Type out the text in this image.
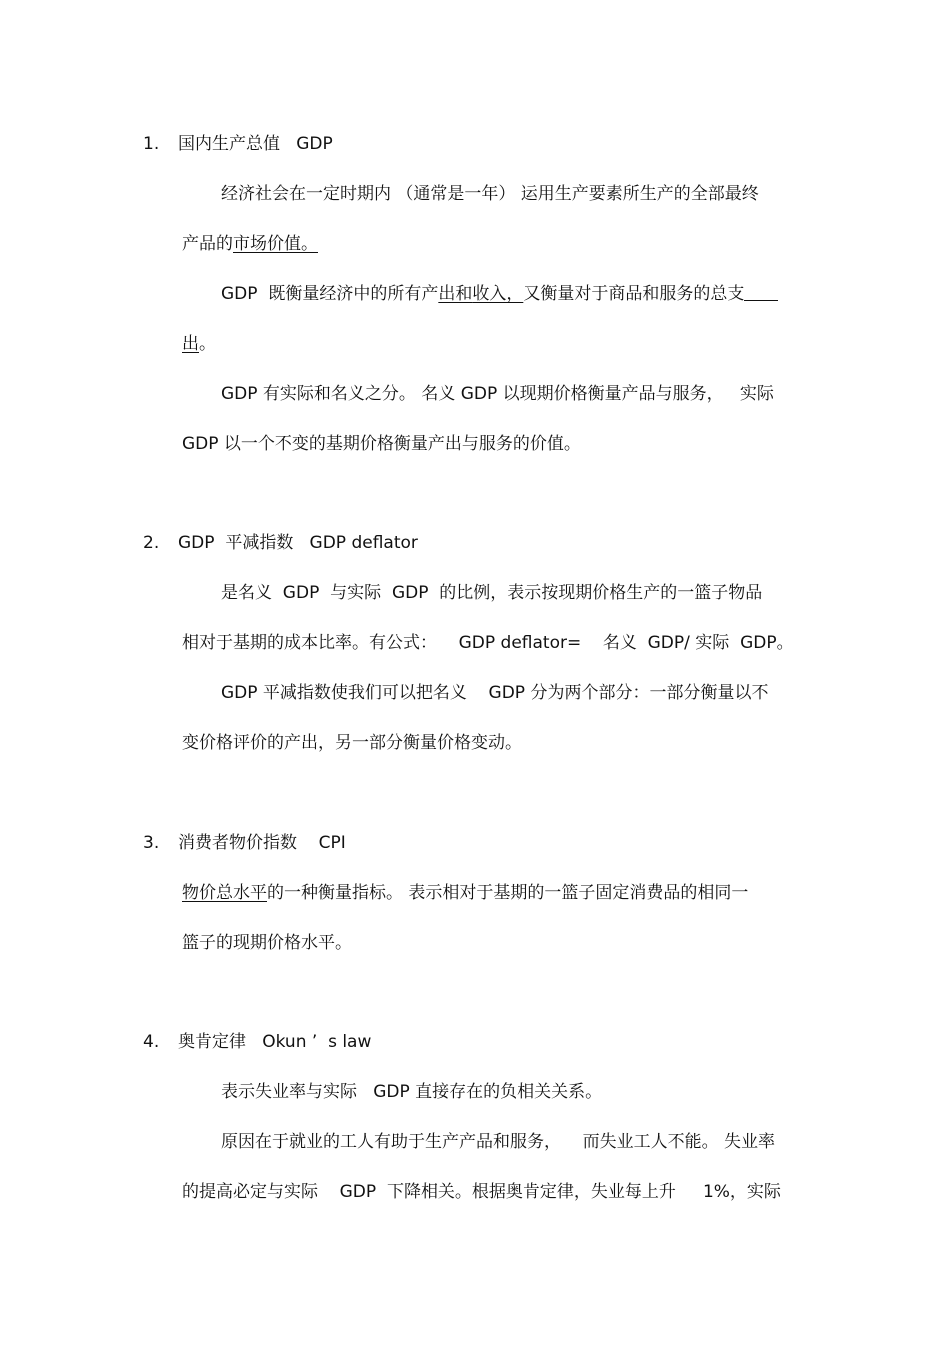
1. 国内生产总值   GDP
经济社会在一定时期内 （通常是一年） 运用生产要素所生产的全部最终
产品的市场价值。
GDP  既衡量经济中的所有产出和收入，又衡量对于商品和服务的总支
出。
GDP 有实际和名义之分。 名义 GDP 以现期价格衡量产品与服务，   实际
GDP 以一个不变的基期价格衡量产出与服务的价值。
2. GDP  平减指数   GDP deflator
是名义  GDP  与实际  GDP  的比例，表示按现期价格生产的一篮子物品
相对于基期的成本比率。有公式：    GDP deflator=    名义  GDP/ 实际  GDP。
GDP 平减指数使我们可以把名义    GDP 分为两个部分：一部分衡量以不
变价格评价的产出，另一部分衡量价格变动。
3. 消费者物价指数    CPI
物价总水平的一种衡量指标。 表示相对于基期的一篮子固定消费品的相同一
篮子的现期价格水平。
4. 奥肯定律   Okun ’  s law
表示失业率与实际   GDP 直接存在的负相关关系。
原因在于就业的工人有助于生产产品和服务，    而失业工人不能。 失业率
的提高必定与实际    GDP  下降相关。根据奥肯定律，失业每上升     1%，实际
